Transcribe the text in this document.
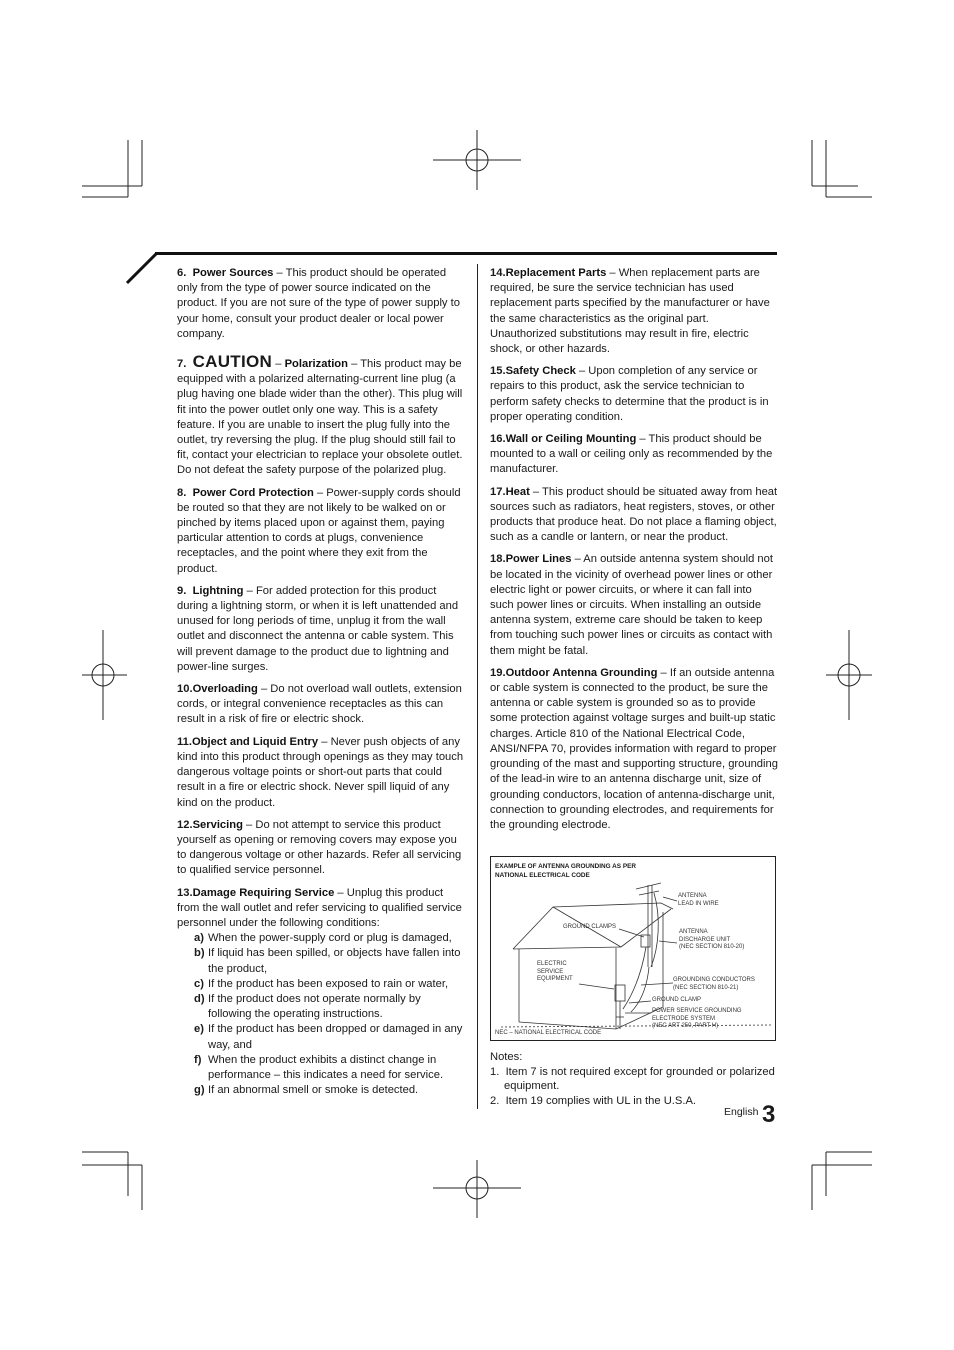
6. Power Sources – This product should be operated only from the type of power source indicated on the product. If you are not sure of the type of power supply to your home, consult your product dealer or local power company.

7. CAUTION – Polarization – This product may be equipped with a polarized alternating-current line plug (a plug having one blade wider than the other). This plug will fit into the power outlet only one way. This is a safety feature. If you are unable to insert the plug fully into the outlet, try reversing the plug. If the plug should still fail to fit, contact your electrician to replace your obsolete outlet. Do not defeat the safety purpose of the polarized plug.

8. Power Cord Protection – Power-supply cords should be routed so that they are not likely to be walked on or pinched by items placed upon or against them, paying particular attention to cords at plugs, convenience receptacles, and the point where they exit from the product.

9. Lightning – For added protection for this product during a lightning storm, or when it is left unattended and unused for long periods of time, unplug it from the wall outlet and disconnect the antenna or cable system. This will prevent damage to the product due to lightning and power-line surges.

10.Overloading – Do not overload wall outlets, extension cords, or integral convenience receptacles as this can result in a risk of fire or electric shock.

11.Object and Liquid Entry – Never push objects of any kind into this product through openings as they may touch dangerous voltage points or short-out parts that could result in a fire or electric shock. Never spill liquid of any kind on the product.

12.Servicing – Do not attempt to service this product yourself as opening or removing covers may expose you to dangerous voltage or other hazards. Refer all servicing to qualified service personnel.

13.Damage Requiring Service – Unplug this product from the wall outlet and refer servicing to qualified service personnel under the following conditions:

a) When the power-supply cord or plug is damaged,

b) If liquid has been spilled, or objects have fallen into the product,

c) If the product has been exposed to rain or water,

d) If the product does not operate normally by following the operating instructions.

e) If the product has been dropped or damaged in any way, and

f) When the product exhibits a distinct change in performance – this indicates a need for service.

g) If an abnormal smell or smoke is detected.

14.Replacement Parts – When replacement parts are required, be sure the service technician has used replacement parts specified by the manufacturer or have the same characteristics as the original part. Unauthorized substitutions may result in fire, electric shock, or other hazards.

15.Safety Check – Upon completion of any service or repairs to this product, ask the service technician to perform safety checks to determine that the product is in proper operating condition.

16.Wall or Ceiling Mounting – This product should be mounted to a wall or ceiling only as recommended by the manufacturer.

17.Heat – This product should be situated away from heat sources such as radiators, heat registers, stoves, or other products that produce heat. Do not place a flaming object, such as a candle or lantern, or near the product.

18.Power Lines – An outside antenna system should not be located in the vicinity of overhead power lines or other electric light or power circuits, or where it can fall into such power lines or circuits. When installing an outside antenna system, extreme care should be taken to keep from touching such power lines or circuits as contact with them might be fatal.

19.Outdoor Antenna Grounding – If an outside antenna or cable system is connected to the product, be sure the antenna or cable system is grounded so as to provide some protection against voltage surges and built-up static charges. Article 810 of the National Electrical Code, ANSI/NFPA 70, provides information with regard to proper grounding of the mast and supporting structure, grounding of the lead-in wire to an antenna discharge unit, size of grounding conductors, location of antenna-discharge unit, connection to grounding electrodes, and requirements for the grounding electrode.

EXAMPLE OF ANTENNA GROUNDING AS PER
NATIONAL ELECTRICAL CODE
ANTENNA
LEAD IN WIRE
GROUND CLAMPS
ANTENNA
DISCHARGE UNIT
(NEC SECTION 810-20)
ELECTRIC
SERVICE
EQUIPMENT	GROUNDING CONDUCTORS
(NEC SECTION 810-21)
GROUND CLAMP
POWER SERVICE GROUNDING
ELECTRODE SYSTEM
(NEC ART 250, PART H)
NEC – NATIONAL ELECTRICAL CODE
Notes:

1. Item 7 is not required except for grounded or polarized equipment.

2. Item 19 complies with UL in the U.S.A.

English 3
